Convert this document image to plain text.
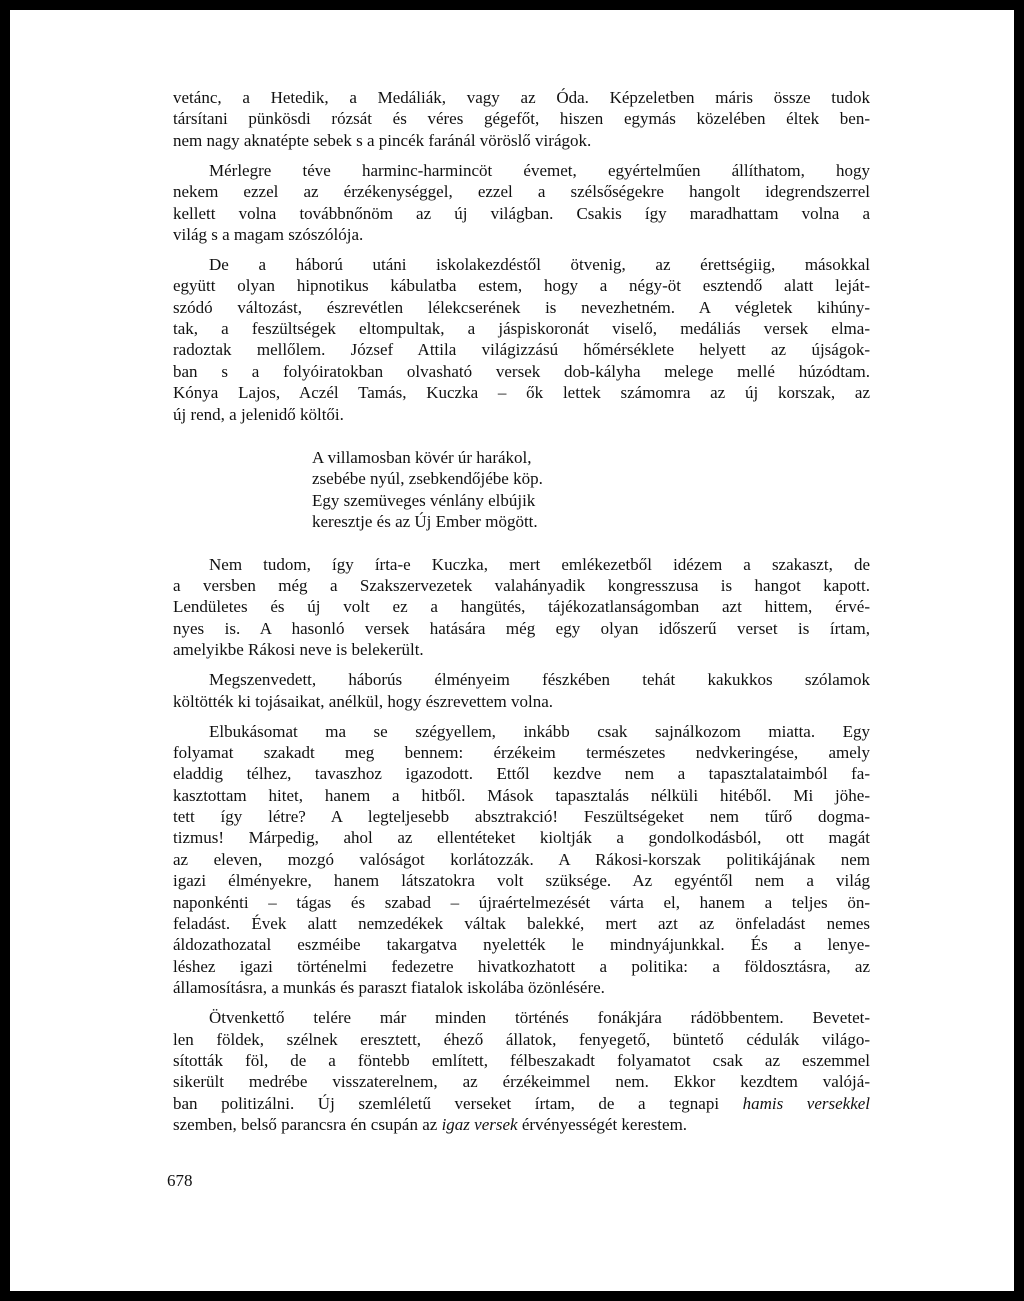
vetánc, a Hetedik, a Medáliák, vagy az Óda. Képzeletben máris össze tudok
társítani pünkösdi rózsát és véres gégefőt, hiszen egymás közelében éltek ben-
nem nagy aknatépte sebek s a pincék faránál vöröslő virágok.
Mérlegre téve harminc-harmincöt évemet, egyértelműen állíthatom, hogy
nekem ezzel az érzékenységgel, ezzel a szélsőségekre hangolt idegrendszerrel
kellett volna továbbnőnöm az új világban. Csakis így maradhattam volna a
világ s a magam szószólója.
De a háború utáni iskolakezdéstől ötvenig, az érettségiig, másokkal
együtt olyan hipnotikus kábulatba estem, hogy a négy-öt esztendő alatt leját-
szódó változást, észrevétlen lélekcserének is nevezhetném. A végletek kihúny-
tak, a feszültségek eltompultak, a jáspiskoronát viselő, medáliás versek elma-
radoztak mellőlem. József Attila világizzású hőmérséklete helyett az újságok-
ban s a folyóiratokban olvasható versek dob-kályha melege mellé húzódtam.
Kónya Lajos, Aczél Tamás, Kuczka – ők lettek számomra az új korszak, az
új rend, a jelenidő költői.
A villamosban kövér úr harákol,
zsebébe nyúl, zsebkendőjébe köp.
Egy szemüveges vénlány elbújik
keresztje és az Új Ember mögött.
Nem tudom, így írta-e Kuczka, mert emlékezetből idézem a szakaszt, de
a versben még a Szakszervezetek valahányadik kongresszusa is hangot kapott.
Lendületes és új volt ez a hangütés, tájékozatlanságomban azt hittem, érvé-
nyes is. A hasonló versek hatására még egy olyan időszerű verset is írtam,
amelyikbe Rákosi neve is belekerült.
Megszenvedett, háborús élményeim fészkében tehát kakukkos szólamok
költötték ki tojásaikat, anélkül, hogy észrevettem volna.
Elbukásomat ma se szégyellem, inkább csak sajnálkozom miatta. Egy
folyamat szakadt meg bennem: érzékeim természetes nedvkeringése, amely
eladdig télhez, tavaszhoz igazodott. Ettől kezdve nem a tapasztalataimból fa-
kasztottam hitet, hanem a hitből. Mások tapasztalás nélküli hitéből. Mi jöhe-
tett így létre? A legteljesebb absztrakció! Feszültségeket nem tűrő dogma-
tizmus! Márpedig, ahol az ellentéteket kioltják a gondolkodásból, ott magát
az eleven, mozgó valóságot korlátozzák. A Rákosi-korszak politikájának nem
igazi élményekre, hanem látszatokra volt szüksége. Az egyéntől nem a világ
naponkénti – tágas és szabad – újraértelmezését várta el, hanem a teljes ön-
feladást. Évek alatt nemzedékek váltak balekké, mert azt az önfeladást nemes
áldozathozatal eszméibe takargatva nyelették le mindnyájunkkal. És a lenye-
léshez igazi történelmi fedezetre hivatkozhatott a politika: a földosztásra, az
államosításra, a munkás és paraszt fiatalok iskolába özönlésére.
Ötvenkettő telére már minden történés fonákjára rádöbbentem. Bevetet-
len földek, szélnek eresztett, éhező állatok, fenyegető, büntető cédulák világo-
sították föl, de a föntebb említett, félbeszakadt folyamatot csak az eszemmel
sikerült medrébe visszaterelnem, az érzékeimmel nem. Ekkor kezdtem valójá-
ban politizálni. Új szemléletű verseket írtam, de a tegnapi hamis versekkel
szemben, belső parancsra én csupán az igaz versek érvényességét kerestem.
678
